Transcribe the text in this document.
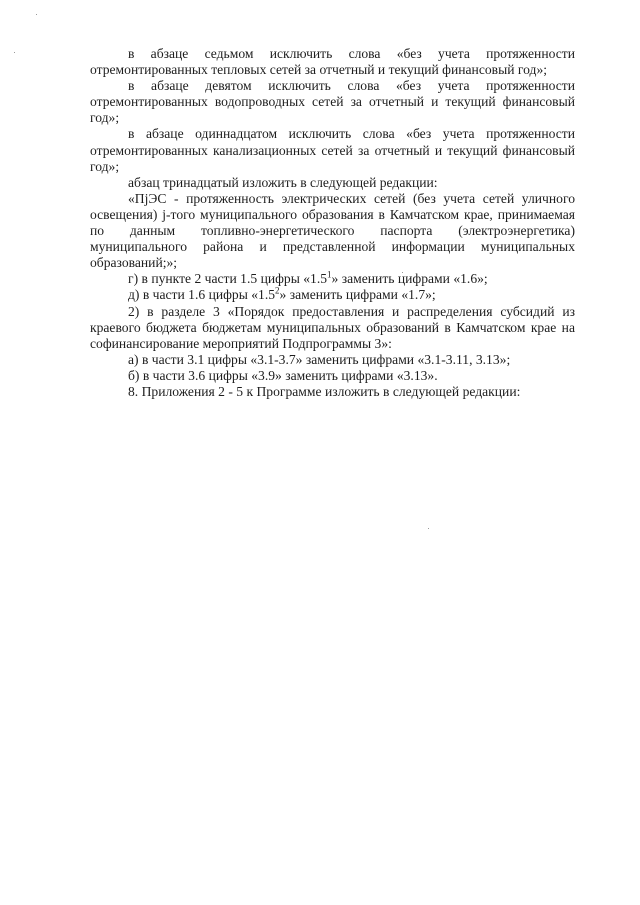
в абзаце седьмом исключить слова «без учета протяженности отремонтированных тепловых сетей за отчетный и текущий финансовый год»;

в абзаце девятом исключить слова «без учета протяженности отремонтированных водопроводных сетей за отчетный и текущий финансовый год»;

в абзаце одиннадцатом исключить слова «без учета протяженности отремонтированных канализационных сетей за отчетный и текущий финансовый год»;

абзац тринадцатый изложить в следующей редакции:

«ПjЭС - протяженность электрических сетей (без учета сетей уличного освещения) j-того муниципального образования в Камчатском крае, принимаемая по данным топливно-энергетического паспорта (электроэнергетика) муниципального района и представленной информации муниципальных образований;»;

г) в пункте 2 части 1.5 цифры «$1.5^1$» заменить цифрами «1.6»;

д) в части 1.6 цифры «$1.5^2$» заменить цифрами «1.7»;

2) в разделе 3 «Порядок предоставления и распределения субсидий из краевого бюджета бюджетам муниципальных образований в Камчатском крае на софинансирование мероприятий Подпрограммы 3»:

а) в части 3.1 цифры «3.1-3.7» заменить цифрами «3.1-3.11, 3.13»;

б) в части 3.6 цифры «3.9» заменить цифрами «3.13».

8. Приложения 2 - 5 к Программе изложить в следующей редакции:
